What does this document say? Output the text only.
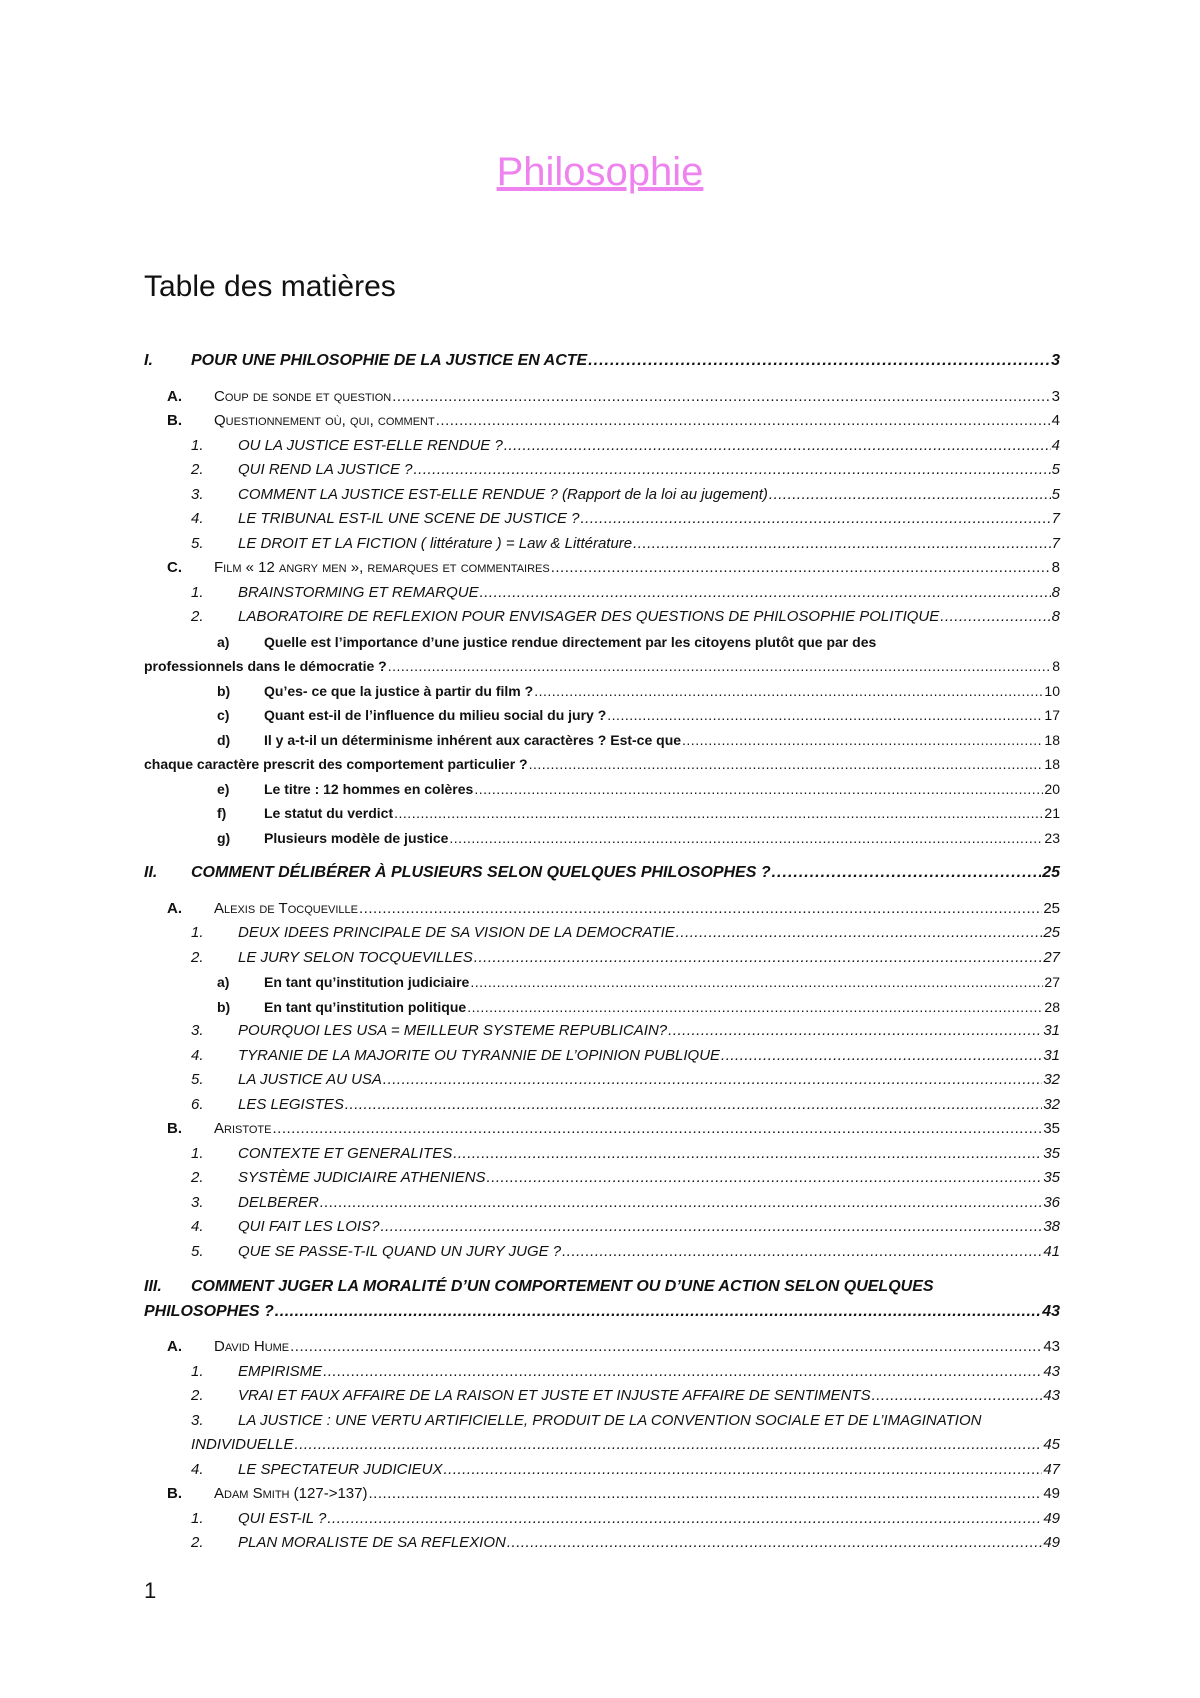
Philosophie
Table des matières
I.	POUR UNE PHILOSOPHIE DE LA JUSTICE EN ACTE .....	3
A.	Coup de sonde et question .....	3
B.	Questionnement où, qui, comment .....	4
1.	OU LA JUSTICE EST-ELLE RENDUE ? .....	4
2.	QUI REND LA JUSTICE ? .....	5
3.	COMMENT LA JUSTICE EST-ELLE RENDUE ? (Rapport de la loi au jugement) .....	5
4.	LE TRIBUNAL EST-IL UNE SCENE DE JUSTICE ? .....	7
5.	LE DROIT ET LA FICTION ( littérature ) = Law & Littérature .....	7
C.	Film « 12 angry men », remarques et commentaires .....	8
1.	BRAINSTORMING ET REMARQUE .....	8
2.	LABORATOIRE DE REFLEXION POUR ENVISAGER DES QUESTIONS DE PHILOSOPHIE POLITIQUE .....	8
a)	Quelle est l’importance d’une justice rendue directement par les citoyens plutôt que par des
professionnels dans le démocratie ? .....	8
b)	Qu’es- ce que la justice à partir du film ? .....	10
c)	Quant est-il de l’influence du milieu social du jury ? .....	17
d)	Il y a-t-il un déterminisme inhérent aux caractères ? Est-ce que .....	18
chaque caractère prescrit des comportement particulier ? .....	18
e)	Le titre : 12 hommes en colères .....	20
f)	Le statut du verdict .....	21
g)	Plusieurs modèle de justice .....	23
II.	COMMENT DÉLIBÉRER À PLUSIEURS SELON QUELQUES PHILOSOPHES ? .....	25
A.	Alexis de Tocqueville .....	25
1.	DEUX IDEES PRINCIPALE DE SA VISION DE LA DEMOCRATIE .....	25
2.	LE JURY SELON TOCQUEVILLES .....	27
a)	En tant qu’institution judiciaire .....	27
b)	En tant qu’institution politique .....	28
3.	POURQUOI LES USA = MEILLEUR SYSTEME REPUBLICAIN? .....	31
4.	TYRANIE DE LA MAJORITE OU TYRANNIE DE L’OPINION PUBLIQUE .....	31
5.	LA JUSTICE AU USA .....	32
6.	LES LEGISTES .....	32
B.	Aristote .....	35
1.	CONTEXTE ET GENERALITES .....	35
2.	SYSTÈME JUDICIAIRE ATHENIENS .....	35
3.	DELBERER .....	36
4.	QUI FAIT LES LOIS? .....	38
5.	QUE SE PASSE-T-IL QUAND UN JURY JUGE ? .....	41
III.	COMMENT JUGER LA MORALITÉ D’UN COMPORTEMENT OU D’UNE ACTION SELON QUELQUES
PHILOSOPHES ? .....	43
A.	David Hume .....	43
1.	EMPIRISME .....	43
2.	VRAI ET FAUX AFFAIRE DE LA RAISON ET JUSTE ET INJUSTE AFFAIRE DE SENTIMENTS .....	43
3.	LA JUSTICE : UNE VERTU ARTIFICIELLE, PRODUIT DE LA CONVENTION SOCIALE ET DE L’IMAGINATION
INDIVIDUELLE .....	45
4.	LE SPECTATEUR JUDICIEUX .....	47
B.	Adam Smith (127->137) .....	49
1.	QUI EST-IL ? .....	49
2.	PLAN MORALISTE DE SA REFLEXION .....	49
1
